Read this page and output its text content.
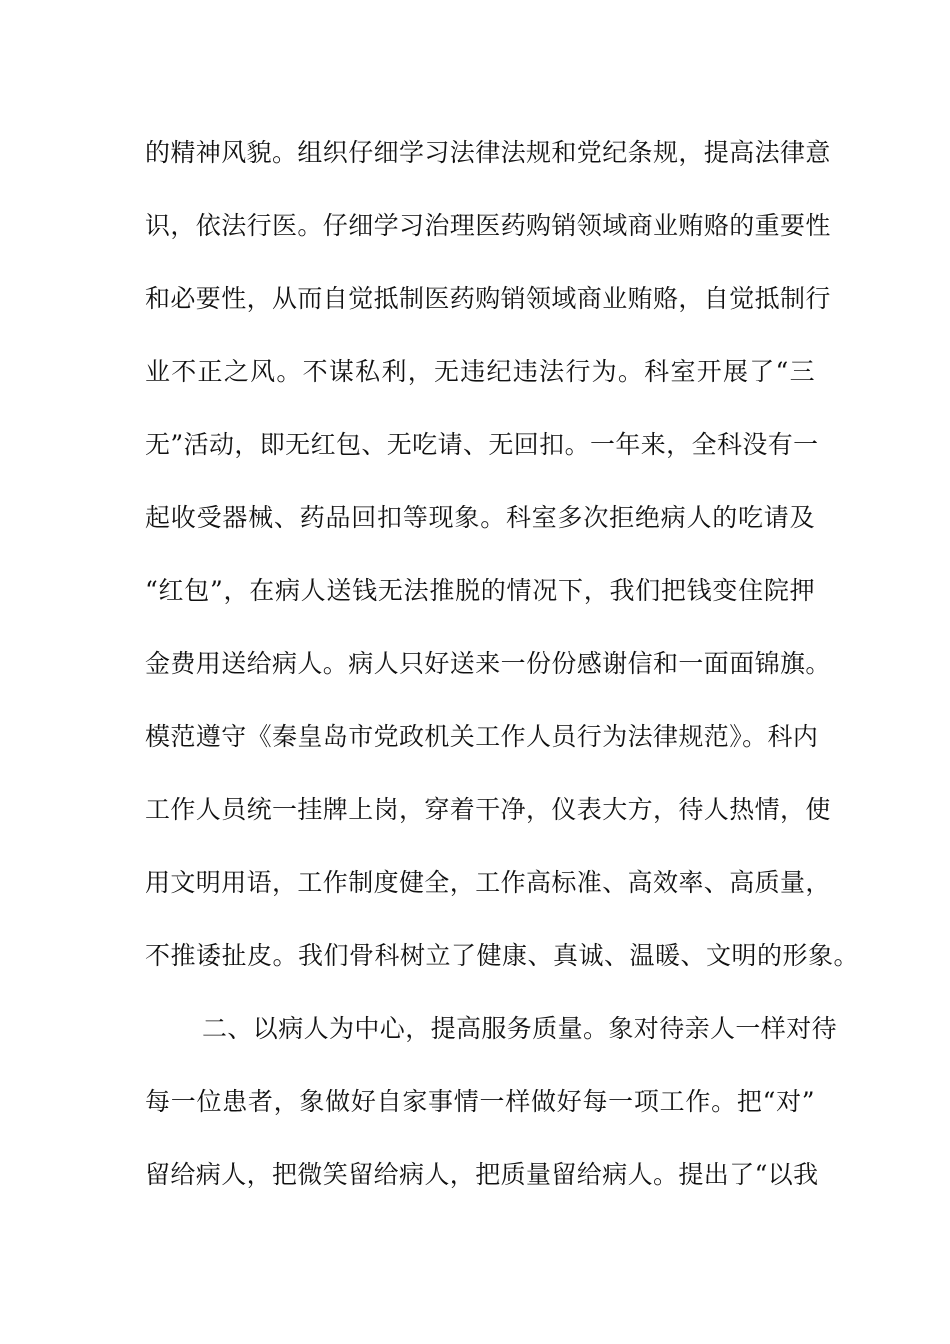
的精神风貌。组织仔细学习法律法规和党纪条规，提高法律意
识，依法行医。仔细学习治理医药购销领域商业贿赂的重要性
和必要性，从而自觉抵制医药购销领域商业贿赂，自觉抵制行
业不正之风。不谋私利，无违纪违法行为。科室开展了“三
无”活动，即无红包、无吃请、无回扣。一年来，全科没有一
起收受器械、药品回扣等现象。科室多次拒绝病人的吃请及
“红包”，在病人送钱无法推脱的情况下，我们把钱变住院押
金费用送给病人。病人只好送来一份份感谢信和一面面锦旗。
模范遵守《秦皇岛市党政机关工作人员行为法律规范》。科内
工作人员统一挂牌上岗，穿着干净，仪表大方，待人热情，使
用文明用语，工作制度健全，工作高标准、高效率、高质量，
不推诿扯皮。我们骨科树立了健康、真诚、温暖、文明的形象。
二、以病人为中心，提高服务质量。象对待亲人一样对待
每一位患者，象做好自家事情一样做好每一项工作。把“对”
留给病人，把微笑留给病人，把质量留给病人。提出了“以我
